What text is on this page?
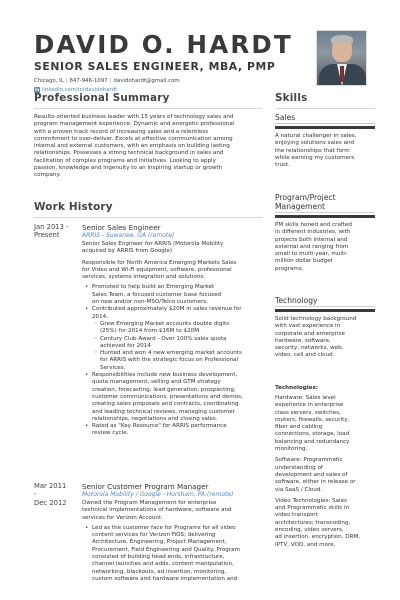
DAVID O. HARDT
SENIOR SALES ENGINEER, MBA, PMP
Chicago, IL | 847-946-1097 | davidohardt@gmail.com
in linkedin.com/in/davidohardt
Professional Summary
Results-oriented business leader with 15 years of technology sales and
program management experience. Dynamic and energetic professional
with a proven track record of increasing sales and a relentless
commitment to over-deliver. Excels at effective communication among
internal and external customers, with an emphasis on building lasting
relationships. Possesses a strong technical background in sales and
facilitation of complex programs and initiatives. Looking to apply
passion, knowledge and ingenuity to an inspiring startup or growth
company.
Work History
Jan 2013 -
Present
Senior Sales Engineer
ARRIS - Suwanee, GA (remote)
Senior Sales Engineer for ARRIS (Motorola Mobility
acquired by ARRIS from Google)
Responsible for North America Emerging Markets Sales
for Video and Wi-Fi equipment, software, professional
services, systems integration and solutions.
• Promoted to help build an Emerging Market
Sales Team, a focused customer base focused
on new and/or non-MSO/Telco customers.
• Contributed approximately $20M in sales revenue for
2014.
◦ Grew Emerging Market accounts double digits
(25%) for 2014 from $16M to $20M.
◦ Century Club Award - Over 100% sales quota
achieved for 2014
◦ Hunted and won 4 new emerging market accounts
for ARRIS with the strategic focus on Professional
Services.
• Responsibilities include new business development,
quota management, selling and GTM strategy
creation, forecasting, lead generation, prospecting,
customer communications, presentations and demos,
creating sales proposals and contracts, coordinating
and leading technical reviews, managing customer
relationships, negotiations and closing sales.
• Rated as "Key Resource" for ARRIS performance
review cycle.
Mar 2011
-
Dec 2012
Senior Customer Program Manager
Motorola Mobility / Google - Horsham, PA (remote)
Owned the Program Management for enterprise
technical implementations of hardware, software and
services for Verizon Account.
• Led as the customer face for Programs for all video
content services for Verizon FiOS; delivering
Architecture, Engineering, Project Management,
Procurement, Field Engineering and Quality. Program
consisted of building head ends, infrastructure,
channel launches and adds, content manipulation,
networking, blackouts, ad insertion, monitoring,
custom software and hardware implementation and
Skills
Sales
A natural challenger in sales,
enjoying solutions sales and
the relationships that form
while earning my customers
trust.
Program/Project
Management
PM skills honed and crafted
in different industries; with
projects both internal and
external and ranging from
small to multi-year, multi-
million dollar budget
programs.
Technology
Solid technology background
with vast experience in
corporate and enterprise
hardware, software,
security, networks, web,
video, cell and cloud.
Technologies:
Hardware: Sales level
experience in enterprise
class servers, switches,
routers, firewalls, security,
fiber and cabling
connections, storage, load
balancing and redundancy
monitoring.
Software: Programmatic
understanding of
development and sales of
software, either in release or
via SaaS / Cloud.
Video Technologies: Sales
and Programmatic skills in
video transport
architectures; transcoding,
encoding, video servers,
ad insertion, encryption, DRM,
IPTV, VOD, and more.
